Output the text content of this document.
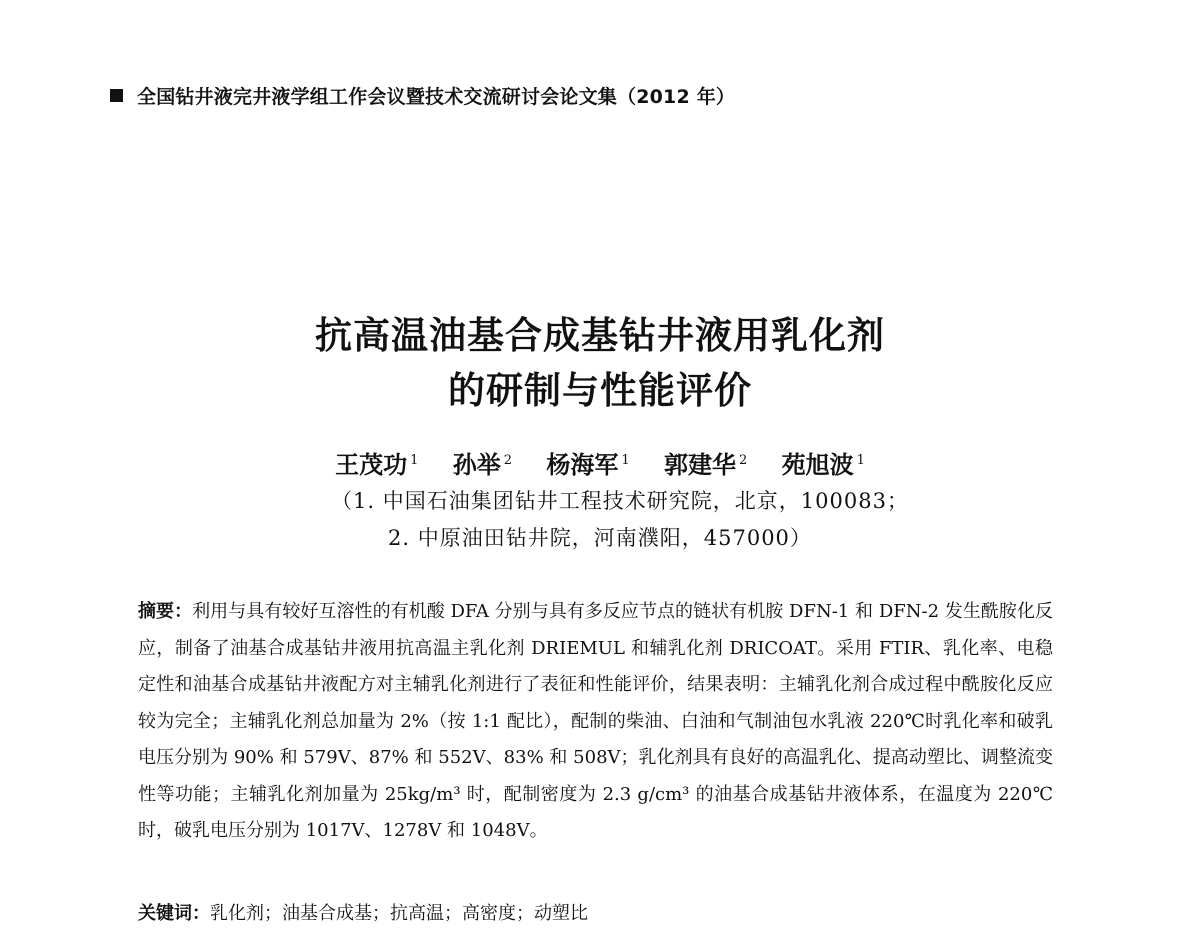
全国钻井液完井液学组工作会议暨技术交流研讨会论文集（2012 年）
抗高温油基合成基钻井液用乳化剂
的研制与性能评价
王茂功 $^1$ 孙举 $^2$ 杨海军 $^1$ 郭建华 $^2$ 苑旭波 $^1$
（1. 中国石油集团钻井工程技术研究院，北京，100083；
2. 中原油田钻井院，河南濮阳，457000）
摘要：利用与具有较好互溶性的有机酸 DFA 分别与具有多反应节点的链状有机胺 DFN-1 和 DFN-2 发生酰胺化反应，制备了油基合成基钻井液用抗高温主乳化剂 DRIEMUL 和辅乳化剂 DRICOAT。采用 FTIR、乳化率、电稳定性和油基合成基钻井液配方对主辅乳化剂进行了表征和性能评价，结果表明：主辅乳化剂合成过程中酰胺化反应较为完全；主辅乳化剂总加量为 2%（按 1:1 配比），配制的柴油、白油和气制油包水乳液 220℃时乳化率和破乳电压分别为 90% 和 579V、87% 和 552V、83% 和 508V；乳化剂具有良好的高温乳化、提高动塑比、调整流变性等功能；主辅乳化剂加量为 25kg/m³ 时，配制密度为 2.3 g/cm³ 的油基合成基钻井液体系，在温度为 220℃时，破乳电压分别为 1017V、1278V 和 1048V。
关键词：乳化剂；油基合成基；抗高温；高密度；动塑比
